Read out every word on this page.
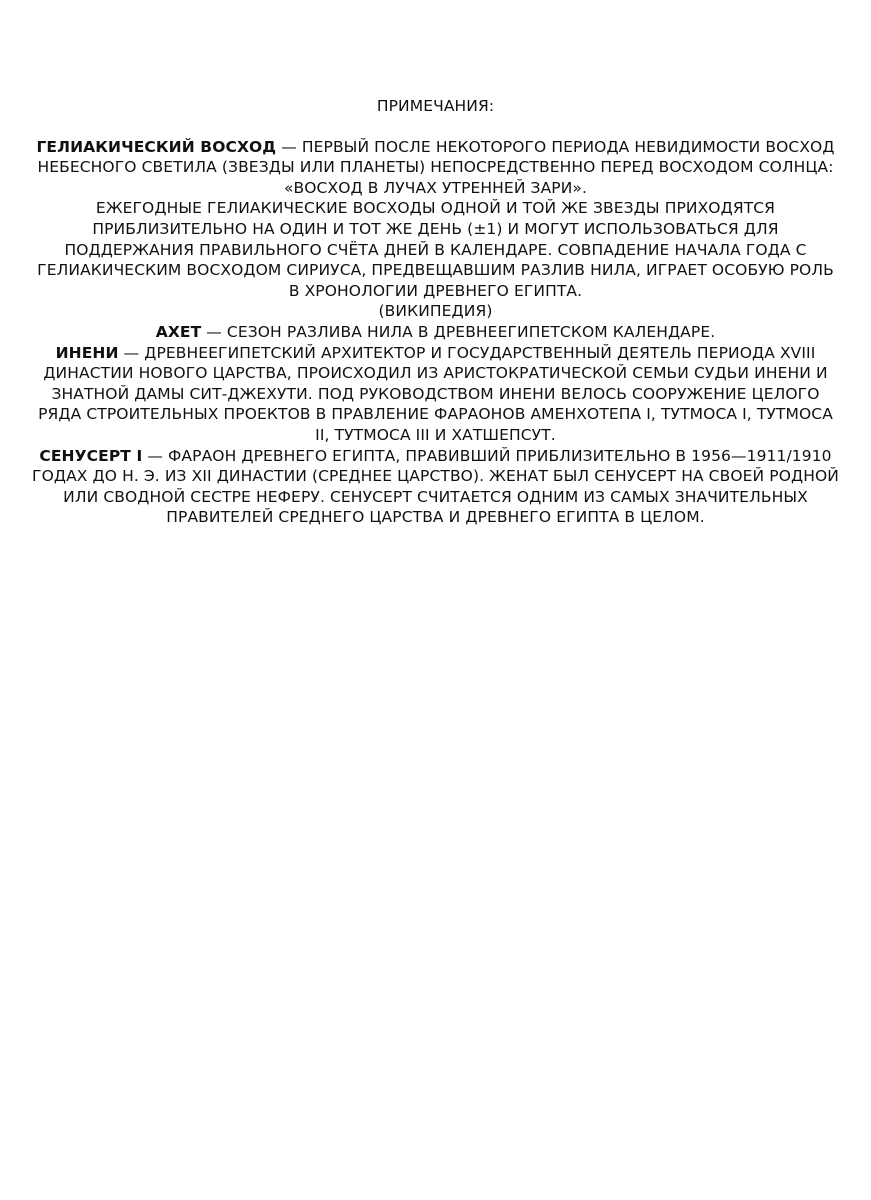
ПРИМЕЧАНИЯ:
ГЕЛИАКИЧЕСКИЙ ВОСХОД — ПЕРВЫЙ ПОСЛЕ НЕКОТОРОГО ПЕРИОДА НЕВИДИМОСТИ ВОСХОД НЕБЕСНОГО СВЕТИЛА (ЗВЕЗДЫ ИЛИ ПЛАНЕТЫ) НЕПОСРЕДСТВЕННО ПЕРЕД ВОСХОДОМ СОЛНЦА: «ВОСХОД В ЛУЧАХ УТРЕННЕЙ ЗАРИ».
ЕЖЕГОДНЫЕ ГЕЛИАКИЧЕСКИЕ ВОСХОДЫ ОДНОЙ И ТОЙ ЖЕ ЗВЕЗДЫ ПРИХОДЯТСЯ ПРИБЛИЗИТЕЛЬНО НА ОДИН И ТОТ ЖЕ ДЕНЬ (±1) И МОГУТ ИСПОЛЬЗОВАТЬСЯ ДЛЯ ПОДДЕРЖАНИЯ ПРАВИЛЬНОГО СЧЁТА ДНЕЙ В КАЛЕНДАРЕ. СОВПАДЕНИЕ НАЧАЛА ГОДА С ГЕЛИАКИЧЕСКИМ ВОСХОДОМ СИРИУСА, ПРЕДВЕЩАВШИМ РАЗЛИВ НИЛА, ИГРАЕТ ОСОБУЮ РОЛЬ В ХРОНОЛОГИИ ДРЕВНЕГО ЕГИПТА.
(ВИКИПЕДИЯ)
АХЕТ — СЕЗОН РАЗЛИВА НИЛА В ДРЕВНЕЕГИПЕТСКОМ КАЛЕНДАРЕ.
ИНЕНИ — ДРЕВНЕЕГИПЕТСКИЙ АРХИТЕКТОР И ГОСУДАРСТВЕННЫЙ ДЕЯТЕЛЬ ПЕРИОДА XVIII ДИНАСТИИ НОВОГО ЦАРСТВА, ПРОИСХОДИЛ ИЗ АРИСТОКРАТИЧЕСКОЙ СЕМЬИ СУДЬИ ИНЕНИ И ЗНАТНОЙ ДАМЫ СИТ-ДЖЕХУТИ. ПОД РУКОВОДСТВОМ ИНЕНИ ВЕЛОСЬ СООРУЖЕНИЕ ЦЕЛОГО РЯДА СТРОИТЕЛЬНЫХ ПРОЕКТОВ В ПРАВЛЕНИЕ ФАРАОНОВ АМЕНХОТЕПА I, ТУТМОСА I, ТУТМОСА II, ТУТМОСА III И ХАТШЕПСУТ.
СЕНУСЕРТ I — ФАРАОН ДРЕВНЕГО ЕГИПТА, ПРАВИВШИЙ ПРИБЛИЗИТЕЛЬНО В 1956—1911/1910 ГОДАХ ДО Н. Э. ИЗ XII ДИНАСТИИ (СРЕДНЕЕ ЦАРСТВО). ЖЕНАТ БЫЛ СЕНУСЕРТ НА СВОЕЙ РОДНОЙ ИЛИ СВОДНОЙ СЕСТРЕ НЕФЕРУ. СЕНУСЕРТ СЧИТАЕТСЯ ОДНИМ ИЗ САМЫХ ЗНАЧИТЕЛЬНЫХ ПРАВИТЕЛЕЙ СРЕДНЕГО ЦАРСТВА И ДРЕВНЕГО ЕГИПТА В ЦЕЛОМ.
